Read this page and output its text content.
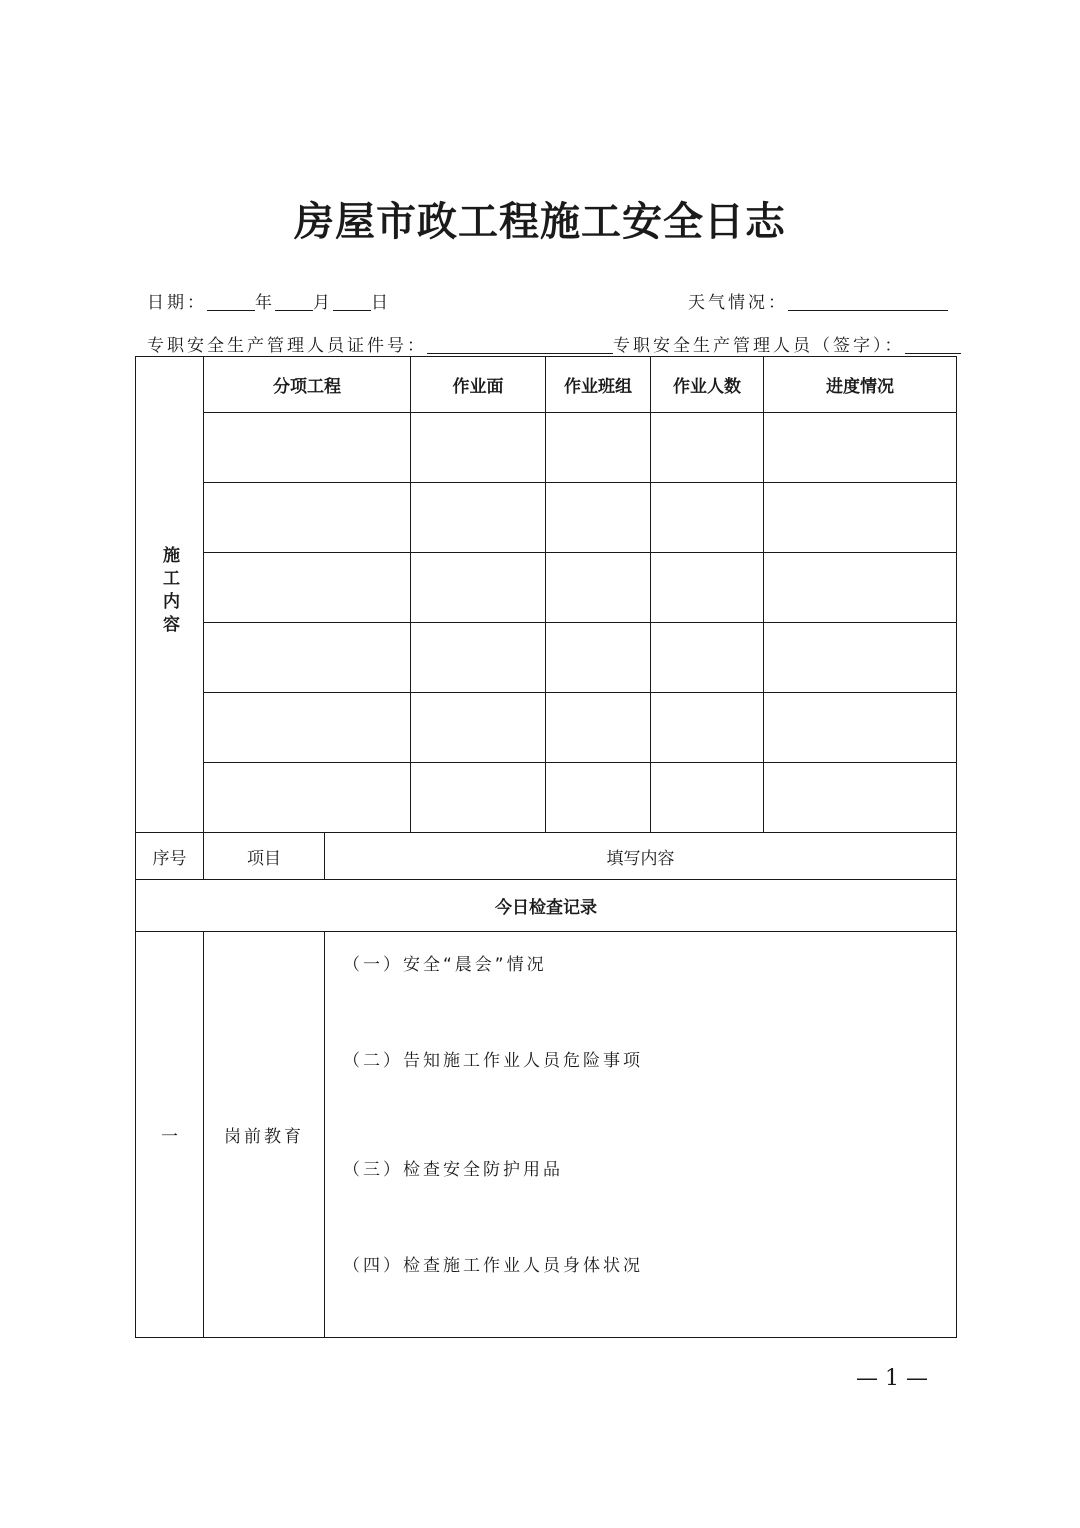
房屋市政工程施工安全日志
日期：	年 月 日	天气情况：
专职安全生产管理人员证件号：	专职安全生产管理人员（签字）：
施工内容	分项工程		作业面	作业班组	作业人数	进度情况

序号	项目	填写内容				
今日检查记录						
一	岗前教育					
（一）安全“晨会”情况
（二）告知施工作业人员危险事项
（三）检查安全防护用品
（四）检查施工作业人员身体状况
— 1 —
